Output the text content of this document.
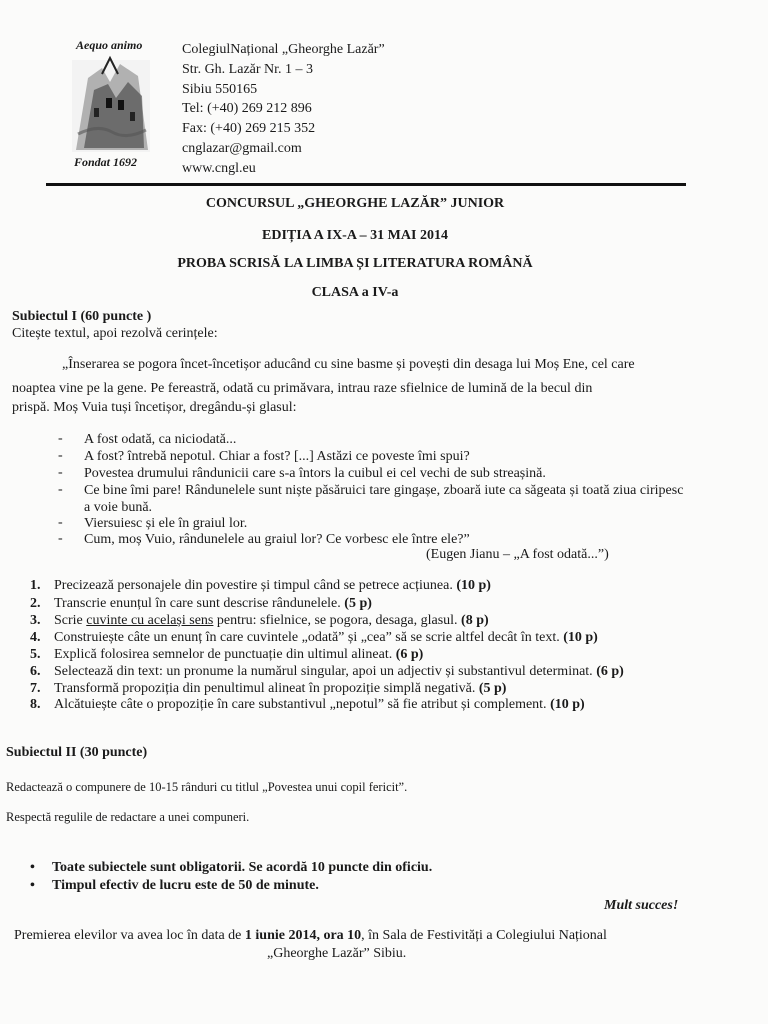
Aequo animo
Fondat 1692
ColegiulNațional „Gheorghe Lazăr”
Str. Gh. Lazăr Nr. 1 – 3
Sibiu 550165
Tel: (+40) 269 212 896
Fax: (+40) 269 215 352
cnglazar@gmail.com
www.cngl.eu
CONCURSUL „GHEORGHE LAZĂR” JUNIOR
EDIȚIA A IX-A – 31 MAI 2014
PROBA SCRISĂ LA LIMBA ȘI LITERATURA ROMÂNĂ
CLASA a IV-a
Subiectul I (60 puncte )
Citește textul, apoi rezolvă cerințele:
„Înserarea se pogora încet-încetișor aducând cu sine basme și povești din desaga lui Moș Ene, cel care
noaptea vine pe la gene. Pe fereastră, odată cu primăvara, intrau raze sfielnice de lumină de la becul din
prispă. Moș Vuia tuși încetișor, dregându-și glasul:
- A fost odată, ca niciodată...
- A fost? întrebă nepotul. Chiar a fost? [...] Astăzi ce poveste îmi spui?
- Povestea drumului rândunicii care s-a întors la cuibul ei cel vechi de sub streașină.
- Ce bine îmi pare! Rândunelele sunt niște păsăruici tare gingașe, zboară iute ca săgeata și toată ziua ciripesc a voie bună.
- Viersuiesc și ele în graiul lor.
- Cum, moș Vuio, rândunelele au graiul lor? Ce vorbesc ele între ele?”
(Eugen Jianu – „A fost odată...”)
1. Precizează personajele din povestire și timpul când se petrece acțiunea. (10 p)
2. Transcrie enunțul în care sunt descrise rândunelele. (5 p)
3. Scrie cuvinte cu același sens pentru: sfielnice, se pogora, desaga, glasul. (8 p)
4. Construiește câte un enunț în care cuvintele „odată” și „cea” să se scrie altfel decât în text. (10 p)
5. Explică folosirea semnelor de punctuație din ultimul alineat. (6 p)
6. Selectează din text: un pronume la numărul singular, apoi un adjectiv și substantivul determinat. (6 p)
7. Transformă propoziția din penultimul alineat în propoziție simplă negativă. (5 p)
8. Alcătuiește câte o propoziție în care substantivul „nepotul” să fie atribut și complement. (10 p)
Subiectul II (30 puncte)
Redactează o compunere de 10-15 rânduri cu titlul „Povestea unui copil fericit”.
Respectă regulile de redactare a unei compuneri.
• Toate subiectele sunt obligatorii. Se acordă 10 puncte din oficiu.
• Timpul efectiv de lucru este de 50 de minute.
Mult succes!
Premierea elevilor va avea loc în data de 1 iunie 2014, ora 10, în Sala de Festivități a Colegiului Național
„Gheorghe Lazăr” Sibiu.
